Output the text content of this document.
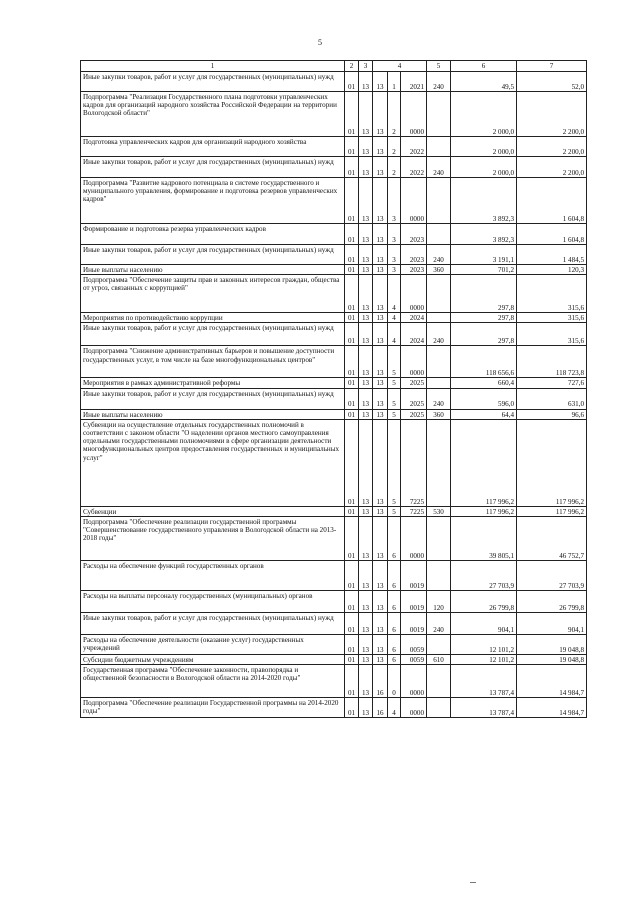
5
1	2	3	4			5	6	7
Иные закупки товаров, работ и услуг для государственных (муниципальных) нужд	01	13	13	1	2021	240	49,5	52,0
Подпрограмма "Реализация Государственного плана подготовки управленческих кадров для организаций народного хозяйства Российской Федерации на территории Вологодской области"	01	13	13	2	0000		2 000,0	2 200,0
Подготовка управленческих кадров для организаций народного хозяйства	01	13	13	2	2022		2 000,0	2 200,0
Иные закупки товаров, работ и услуг для государственных (муниципальных) нужд	01	13	13	2	2022	240	2 000,0	2 200,0
Подпрограмма "Развитие кадрового потенциала в системе государственного и муниципального управления, формирование и подготовка резервов управленческих кадров"	01	13	13	3	0000		3 892,3	1 604,8
Формирование и подготовка резерва управленческих кадров	01	13	13	3	2023		3 892,3	1 604,8
Иные закупки товаров, работ и услуг для государственных (муниципальных) нужд	01	13	13	3	2023	240	3 191,1	1 484,5
Иные выплаты населению	01	13	13	3	2023	360	701,2	120,3
Подпрограмма "Обеспечение защиты прав и законных интересов граждан, общества от угроз, связанных с коррупцией"	01	13	13	4	0000		297,8	315,6
Мероприятия по противодействию коррупции	01	13	13	4	2024		297,8	315,6
Иные закупки товаров, работ и услуг для государственных (муниципальных) нужд	01	13	13	4	2024	240	297,8	315,6
Подпрограмма "Снижение административных барьеров и повышение доступности государственных услуг, в том числе на базе многофункциональных центров"	01	13	13	5	0000		118 656,6	118 723,8
Мероприятия в рамках административной реформы	01	13	13	5	2025		660,4	727,6
Иные закупки товаров, работ и услуг для государственных (муниципальных) нужд	01	13	13	5	2025	240	596,0	631,0
Иные выплаты населению	01	13	13	5	2025	360	64,4	96,6
Субвенции на осуществление отдельных государственных полномочий в соответствии с законом области "О наделении органов местного самоуправления отдельными государственными полномочиями в сфере организации деятельности многофункциональных центров предоставления государственных и муниципальных услуг"	01	13	13	5	7225		117 996,2	117 996,2
Субвенции	01	13	13	5	7225	530	117 996,2	117 996,2
Подпрограмма "Обеспечение реализации государственной программы "Совершенствование государственного управления в Вологодской области на 2013-2018 годы"	01	13	13	6	0000		39 805,1	46 752,7
Расходы на обеспечение функций государственных органов	01	13	13	6	0019		27 703,9	27 703,9
Расходы на выплаты персоналу государственных (муниципальных) органов	01	13	13	6	0019	120	26 799,8	26 799,8
Иные закупки товаров, работ и услуг для государственных (муниципальных) нужд	01	13	13	6	0019	240	904,1	904,1
Расходы на обеспечение деятельности (оказание услуг) государственных учреждений	01	13	13	6	0059		12 101,2	19 048,8
Субсидии бюджетным учреждениям	01	13	13	6	0059	610	12 101,2	19 048,8
Государственная программа "Обеспечение законности, правопорядка и общественной безопасности в Вологодской области на 2014-2020 годы"	01	13	16	0	0000		13 787,4	14 984,7
Подпрограмма "Обеспечение реализации Государственной программы на 2014-2020 годы"	01	13	16	4	0000		13 787,4	14 984,7
